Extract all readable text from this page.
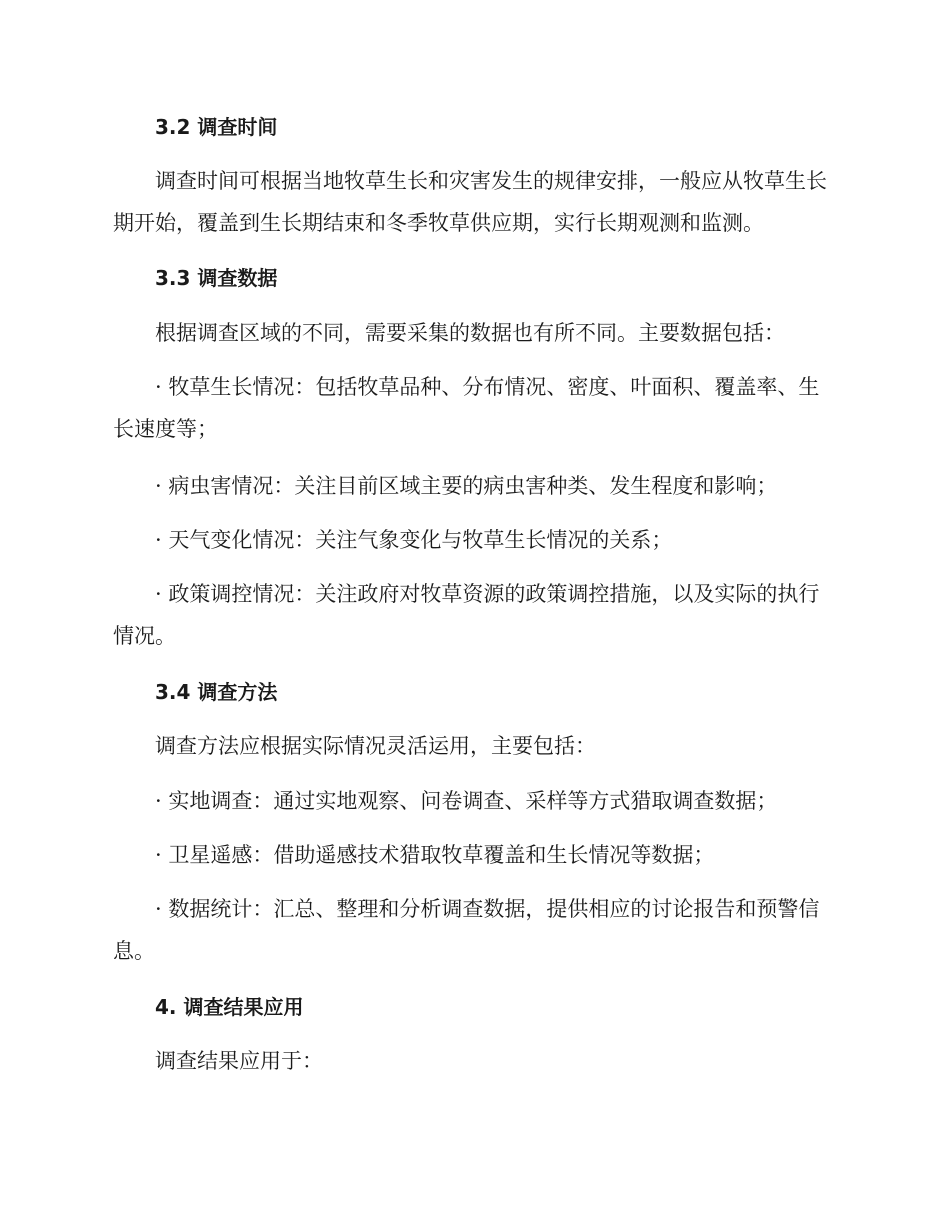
3.2 调查时间

调查时间可根据当地牧草生长和灾害发生的规律安排，一般应从牧草生长期开始，覆盖到生长期结束和冬季牧草供应期，实行长期观测和监测。

3.3 调查数据

根据调查区域的不同，需要采集的数据也有所不同。主要数据包括：

· 牧草生长情况：包括牧草品种、分布情况、密度、叶面积、覆盖率、生长速度等；

· 病虫害情况：关注目前区域主要的病虫害种类、发生程度和影响；

· 天气变化情况：关注气象变化与牧草生长情况的关系；

· 政策调控情况：关注政府对牧草资源的政策调控措施，以及实际的执行情况。

3.4 调查方法

调查方法应根据实际情况灵活运用，主要包括：

· 实地调查：通过实地观察、问卷调查、采样等方式猎取调查数据；

· 卫星遥感：借助遥感技术猎取牧草覆盖和生长情况等数据；

· 数据统计：汇总、整理和分析调查数据，提供相应的讨论报告和预警信息。

4. 调查结果应用

调查结果应用于：
